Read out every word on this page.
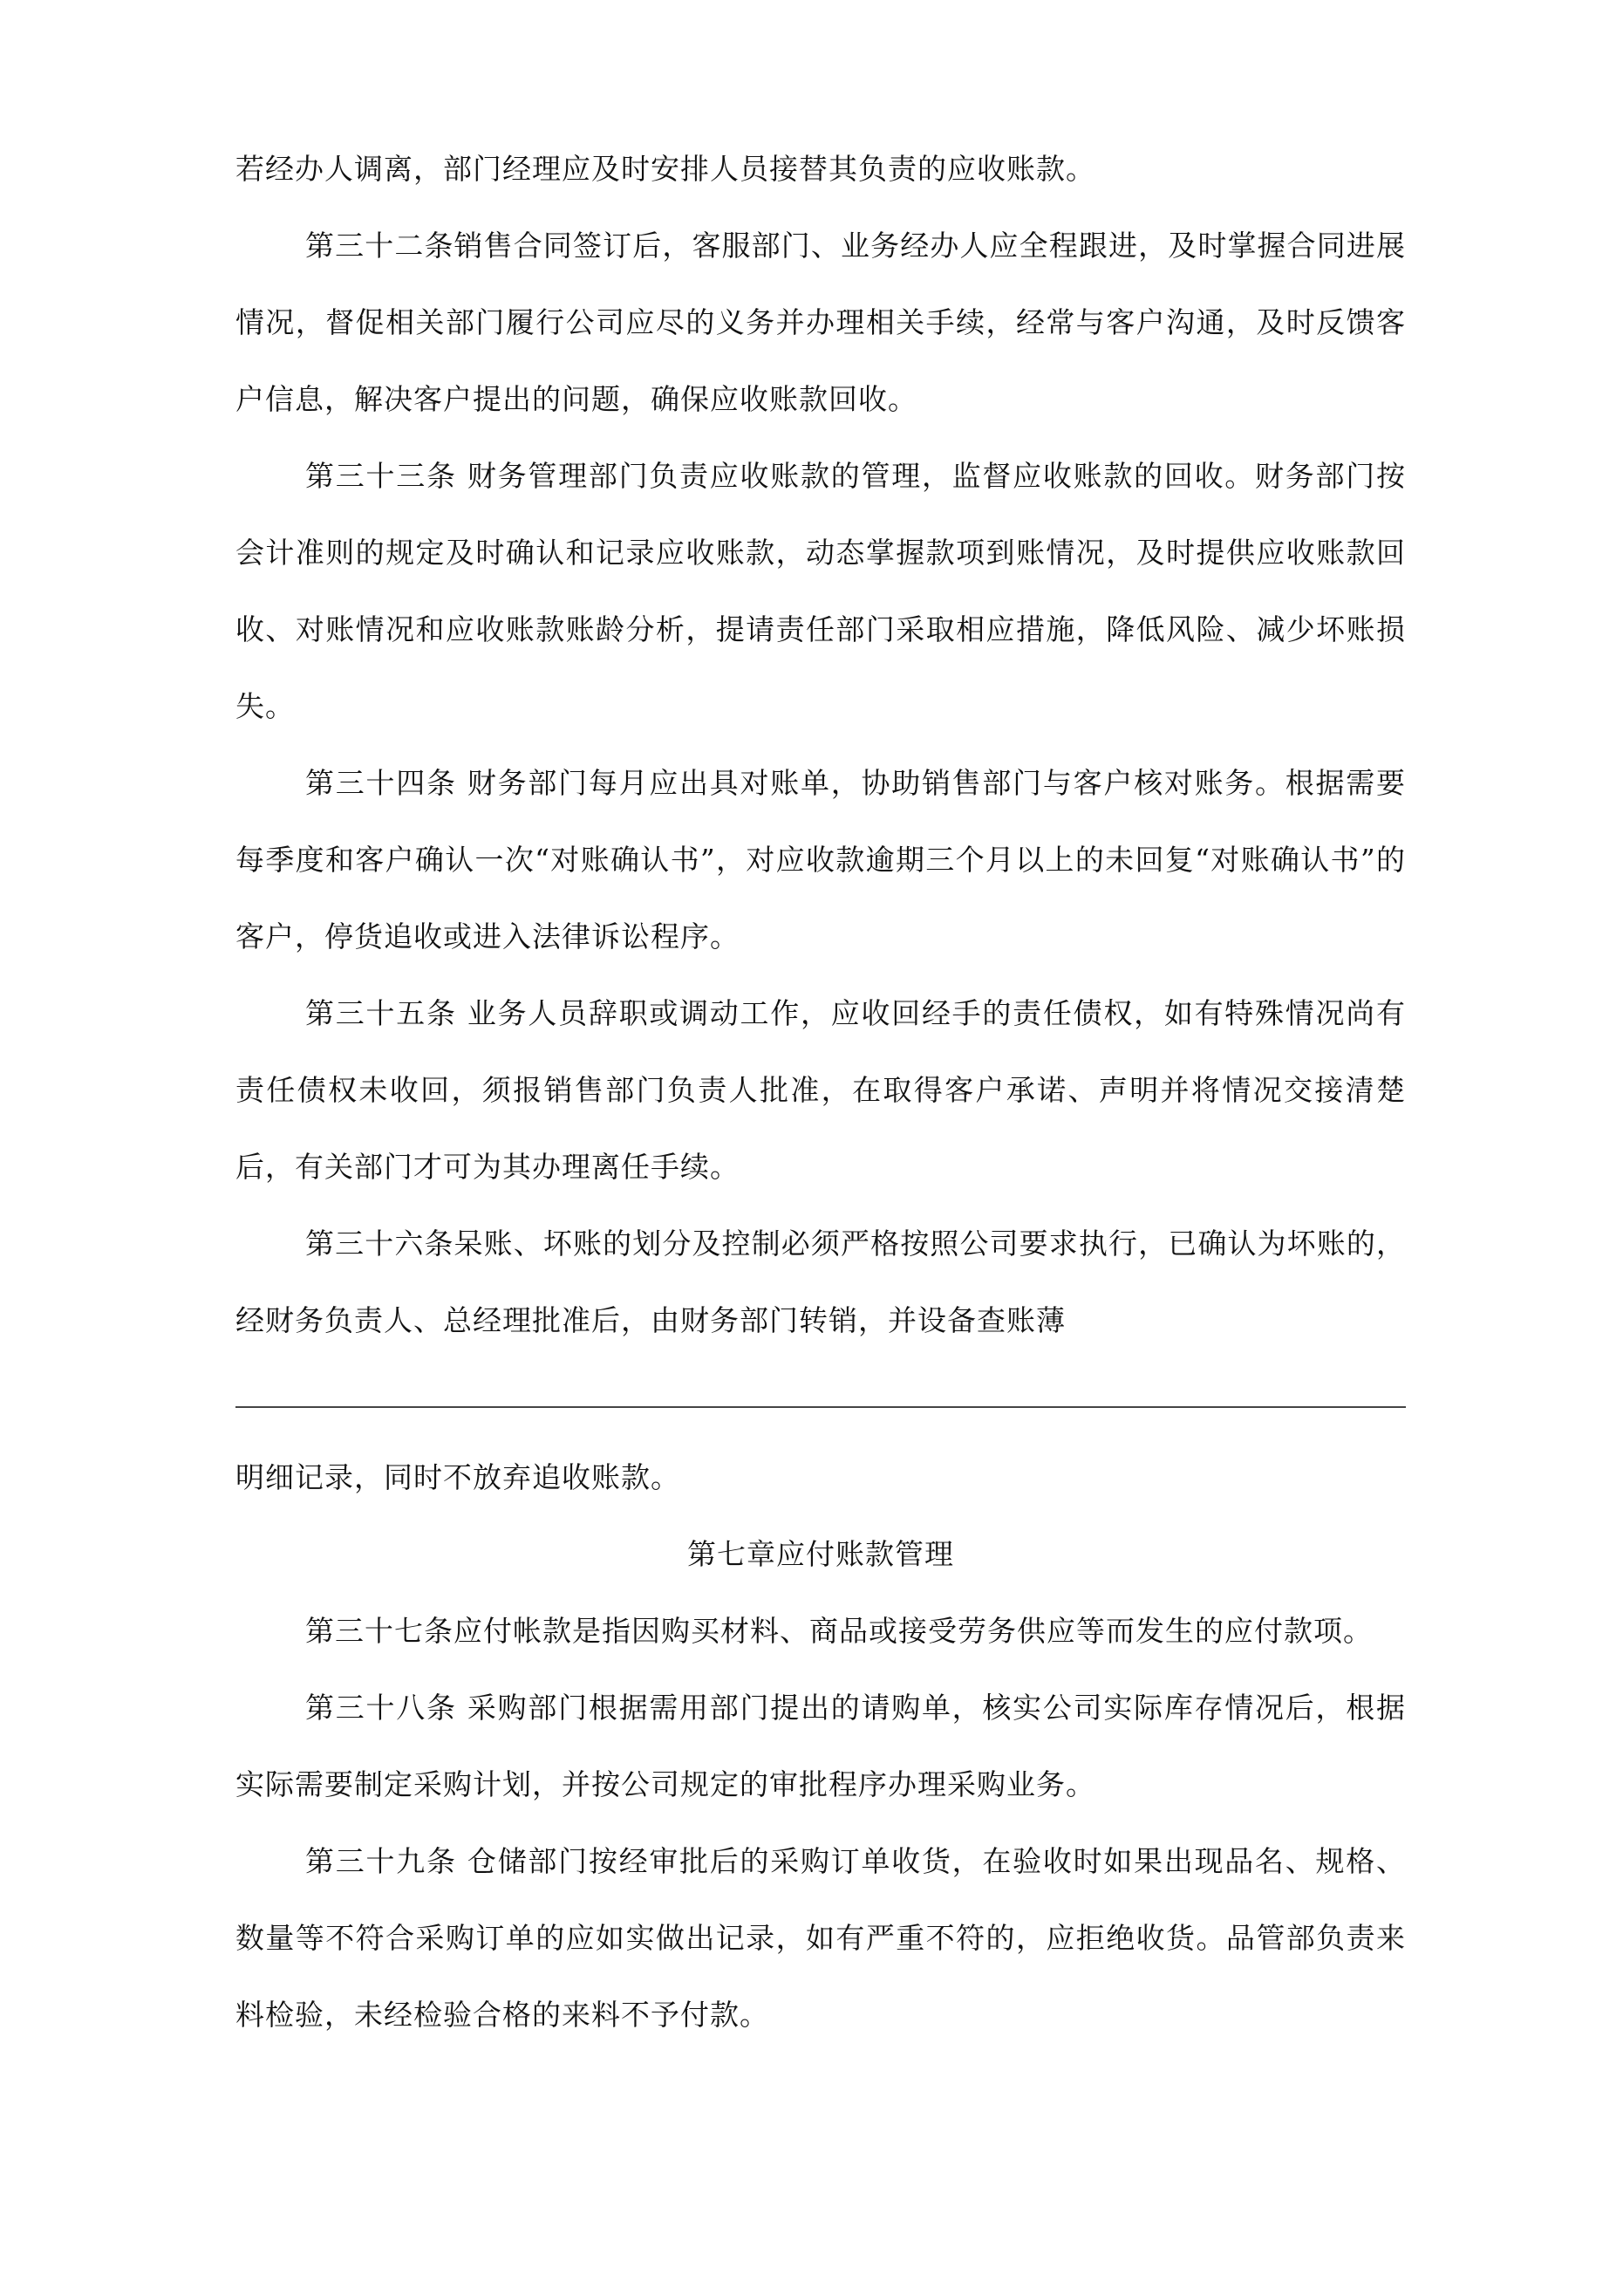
若经办人调离，部门经理应及时安排人员接替其负责的应收账款。

第三十二条销售合同签订后，客服部门、业务经办人应全程跟进，及时掌握合同进展情况，督促相关部门履行公司应尽的义务并办理相关手续，经常与客户沟通，及时反馈客户信息，解决客户提出的问题，确保应收账款回收。

第三十三条 财务管理部门负责应收账款的管理，监督应收账款的回收。财务部门按会计准则的规定及时确认和记录应收账款，动态掌握款项到账情况，及时提供应收账款回收、对账情况和应收账款账龄分析，提请责任部门采取相应措施，降低风险、减少坏账损失。

第三十四条 财务部门每月应出具对账单，协助销售部门与客户核对账务。根据需要每季度和客户确认一次“对账确认书”，对应收款逾期三个月以上的未回复“对账确认书”的客户，停货追收或进入法律诉讼程序。

第三十五条 业务人员辞职或调动工作，应收回经手的责任债权，如有特殊情况尚有责任债权未收回，须报销售部门负责人批准，在取得客户承诺、声明并将情况交接清楚后，有关部门才可为其办理离任手续。

第三十六条呆账、坏账的划分及控制必须严格按照公司要求执行，已确认为坏账的，经财务负责人、总经理批准后，由财务部门转销，并设备查账薄

明细记录，同时不放弃追收账款。

第七章应付账款管理

第三十七条应付帐款是指因购买材料、商品或接受劳务供应等而发生的应付款项。

第三十八条 采购部门根据需用部门提出的请购单，核实公司实际库存情况后，根据实际需要制定采购计划，并按公司规定的审批程序办理采购业务。

第三十九条 仓储部门按经审批后的采购订单收货，在验收时如果出现品名、规格、数量等不符合采购订单的应如实做出记录，如有严重不符的，应拒绝收货。品管部负责来料检验，未经检验合格的来料不予付款。
